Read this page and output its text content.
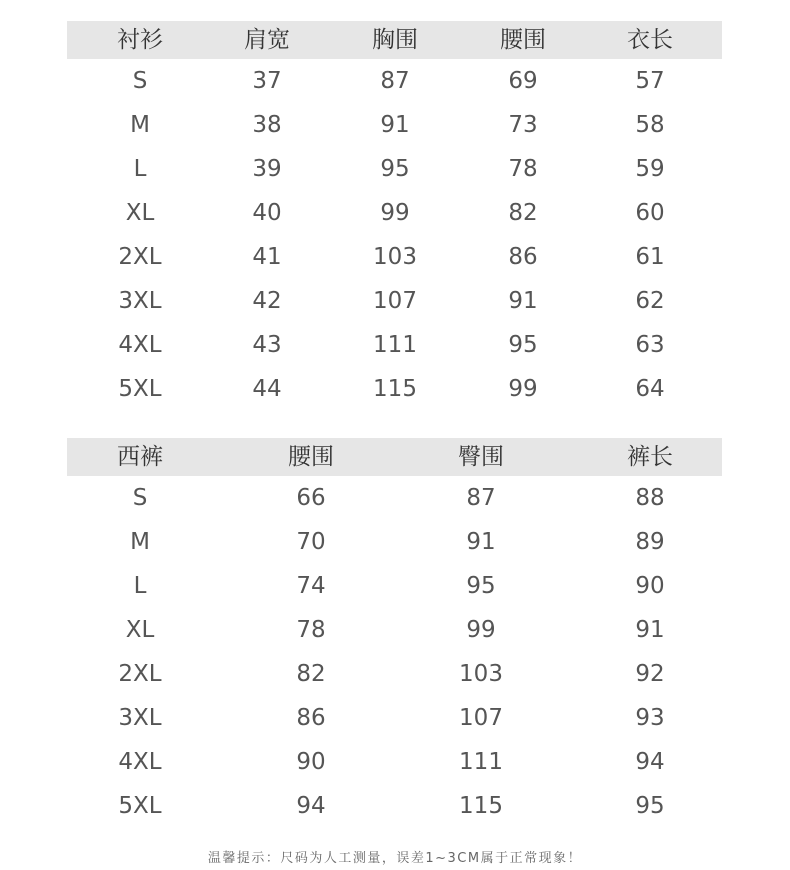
衬衫	肩宽	胸围	腰围	衣长
S	37	87	69	57
M	38	91	73	58
L	39	95	78	59
XL	40	99	82	60
2XL	41	103	86	61
3XL	42	107	91	62
4XL	43	111	95	63
5XL	44	115	99	64
西裤	腰围	臀围	裤长
S	66	87	88
M	70	91	89
L	74	95	90
XL	78	99	91
2XL	82	103	92
3XL	86	107	93
4XL	90	111	94
5XL	94	115	95
温馨提示：尺码为人工测量，误差1~3CM属于正常现象！
